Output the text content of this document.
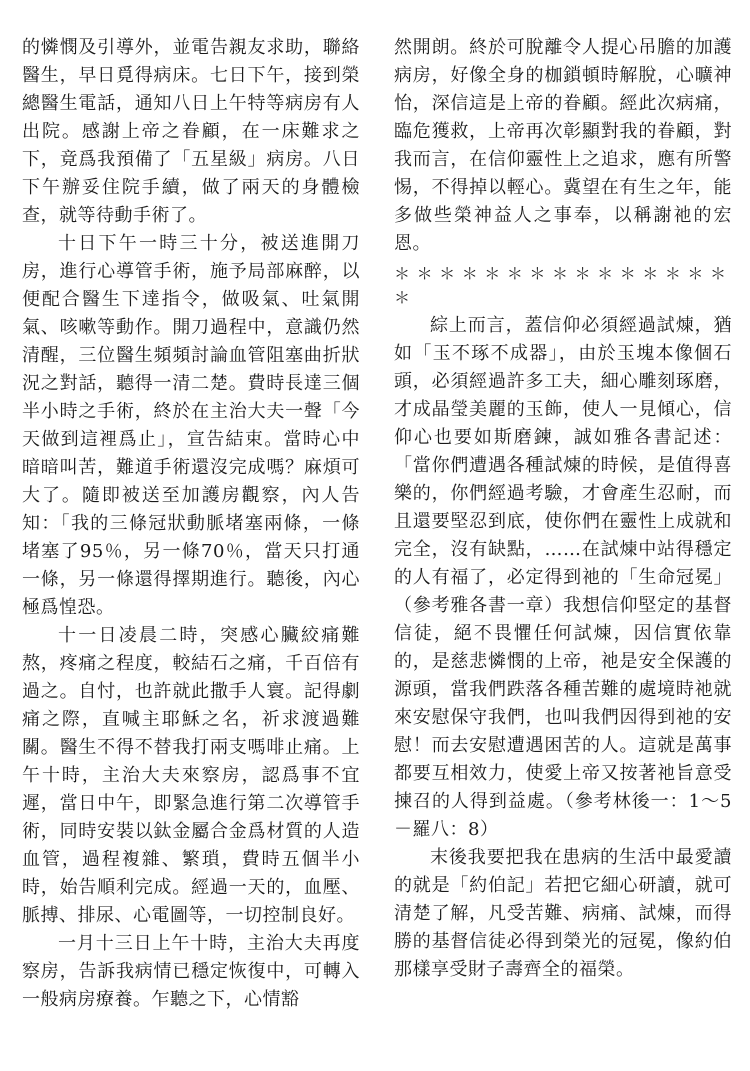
的憐憫及引導外，並電告親友求助，聯絡醫生，早日覓得病床。七日下午，接到榮總醫生電話，通知八日上午特等病房有人出院。感謝上帝之眷顧，在一床難求之下，竟爲我預備了「五星級」病房。八日下午辦妥住院手續，做了兩天的身體檢查，就等待動手術了。

十日下午一時三十分，被送進開刀房，進行心導管手術，施予局部麻醉，以便配合醫生下達指令，做吸氣、吐氣開氣、咳嗽等動作。開刀過程中，意識仍然清醒，三位醫生頻頻討論血管阻塞曲折狀況之對話，聽得一清二楚。費時長達三個半小時之手術，終於在主治大夫一聲「今天做到這裡爲止」，宣告結束。當時心中暗暗叫苦，難道手術還沒完成嗎？麻煩可大了。隨即被送至加護房觀察，內人告知：「我的三條冠狀動脈堵塞兩條，一條堵塞了95％，另一條70％，當天只打通一條，另一條還得擇期進行。聽後，內心極爲惶恐。

十一日凌晨二時，突感心臟絞痛難熬，疼痛之程度，較結石之痛，千百倍有過之。自忖，也許就此撒手人寰。記得劇痛之際，直喊主耶穌之名，祈求渡過難關。醫生不得不替我打兩支嗎啡止痛。上午十時，主治大夫來察房，認爲事不宜遲，當日中午，即緊急進行第二次導管手術，同時安裝以鈦金屬合金爲材質的人造血管，過程複雜、繁瑣，費時五個半小時，始告順利完成。經過一天的，血壓、脈搏、排尿、心電圖等，一切控制良好。

一月十三日上午十時，主治大夫再度察房，告訴我病情已穩定恢復中，可轉入一般病房療養。乍聽之下，心情豁

然開朗。終於可脫離令人提心吊膽的加護病房，好像全身的枷鎖頓時解脫，心曠神怡，深信這是上帝的眷顧。經此次病痛，臨危獲救，上帝再次彰顯對我的眷顧，對我而言，在信仰靈性上之追求，應有所警惕，不得掉以輕心。冀望在有生之年，能多做些榮神益人之事奉，以稱謝祂的宏恩。

＊＊＊＊＊＊＊＊＊＊＊＊＊＊＊＊

綜上而言，蓋信仰必須經過試煉，猶如「玉不琢不成器」，由於玉塊本像個石頭，必須經過許多工夫，細心雕刻琢磨，才成晶瑩美麗的玉飾，使人一見傾心，信仰心也要如斯磨鍊，誠如雅各書記述：「當你們遭遇各種試煉的時候，是值得喜樂的，你們經過考驗，才會產生忍耐，而且還要堅忍到底，使你們在靈性上成就和完全，沒有缺點，……在試煉中站得穩定的人有福了，必定得到祂的「生命冠冕」（參考雅各書一章）我想信仰堅定的基督信徒，絕不畏懼任何試煉，因信實依靠的，是慈悲憐憫的上帝，祂是安全保護的源頭，當我們跌落各種苦難的處境時祂就來安慰保守我們，也叫我們因得到祂的安慰！而去安慰遭遇困苦的人。這就是萬事都要互相效力，使愛上帝又按著祂旨意受揀召的人得到益處。（參考林後一：1～5－羅八：8）

末後我要把我在患病的生活中最愛讀的就是「約伯記」若把它細心研讀，就可清楚了解，凡受苦難、病痛、試煉，而得勝的基督信徒必得到榮光的冠冕，像約伯那樣享受財子壽齊全的福榮。
